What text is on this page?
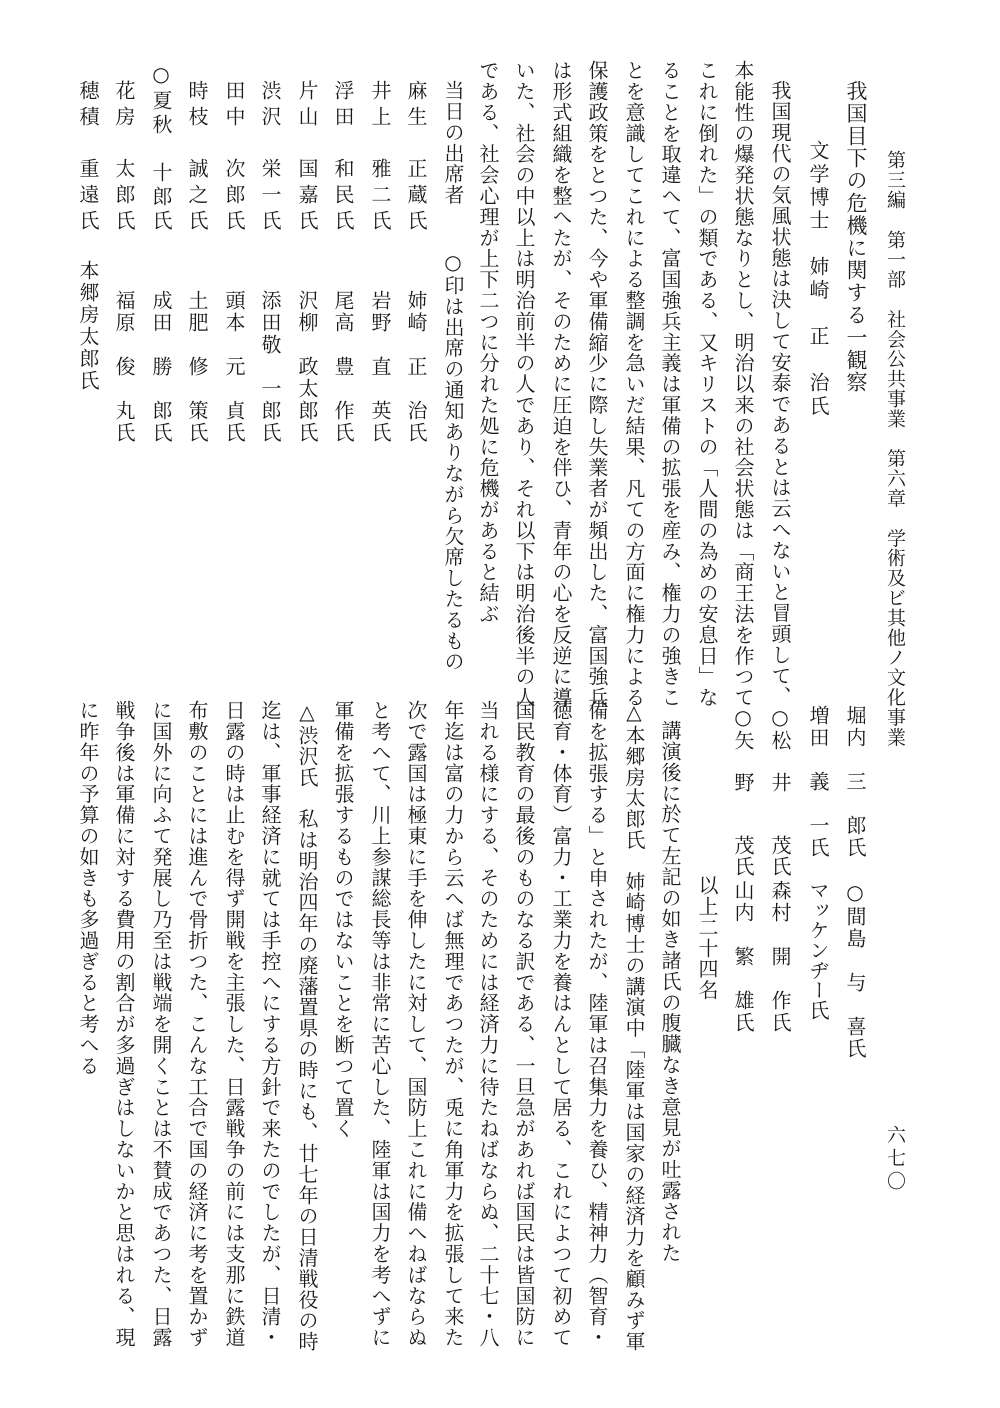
第三編　第一部　社会公共事業　第六章　学術及ビ其他ノ文化事業
六七〇
我国目下の危機に関する一観察
文学博士　姉崎　正　治氏
我国現代の気風状態は決して安泰であるとは云へないと冒頭して、
本能性の爆発状態なりとし、明治以来の社会状態は「商王法を作つて
これに倒れた」の類である、又キリストの「人間の為めの安息日」な
ることを取違へて、富国強兵主義は軍備の拡張を産み、権力の強きこ
とを意識してこれによる整調を急いだ結果、凡ての方面に権力による
保護政策をとつた、今や軍備縮少に際し失業者が頻出した、富国強兵
は形式組織を整へたが、そのために圧迫を伴ひ、青年の心を反逆に導
いた、社会の中以上は明治前半の人であり、それ以下は明治後半の人
である、社会心理が上下二つに分れた処に危機があると結ぶ
当日の出席者
○印は出席の通知ありながら欠席したるもの
麻生　正蔵氏
井上　雅二氏
浮田　和民氏
片山　国嘉氏
渋沢　栄一氏
田中　次郎氏
時枝　誠之氏
○夏秋　十郎氏
花房　太郎氏
穂積　重遠氏
姉崎　正　治氏
岩野　直　英氏
尾高　豊　作氏
沢柳　政太郎氏
添田敬　一郎氏
頭本　元　貞氏
土肥　修　策氏
成田　勝　郎氏
福原　俊　丸氏
本郷房太郎氏
堀内　三　郎氏
○間島　与　喜氏
増田　義　一氏
マッケンヂー氏
○松　井　　茂氏
森村　開　作氏
○矢　野　　茂氏
山内　繁　雄氏
以上二十四名
講演後に於て左記の如き諸氏の腹臓なき意見が吐露された
△本郷房太郎氏　姉崎博士の講演中「陸軍は国家の経済力を顧みず軍
備を拡張する」と申されたが、陸軍は召集力を養ひ、精神力（智育・
徳育・体育）富力・工業力を養はんとして居る、これによつて初めて
国民教育の最後のものなる訳である、一旦急があれば国民は皆国防に
当れる様にする、そのためには経済力に待たねばならぬ、二十七・八
年迄は富の力から云へば無理であつたが、兎に角軍力を拡張して来た
次で露国は極東に手を伸したに対して、国防上これに備へねばならぬ
と考へて、川上参謀総長等は非常に苦心した、陸軍は国力を考へずに
軍備を拡張するものではないことを断つて置く
△渋沢氏　私は明治四年の廃藩置県の時にも、廿七年の日清戦役の時
迄は、軍事経済に就ては手控へにする方針で来たのでしたが、日清・
日露の時は止むを得ず開戦を主張した、日露戦争の前には支那に鉄道
布敷のことには進んで骨折つた、こんな工合で国の経済に考を置かず
に国外に向ふて発展し乃至は戦端を開くことは不賛成であつた、日露
戦争後は軍備に対する費用の割合が多過ぎはしないかと思はれる、現
に昨年の予算の如きも多過ぎると考へる
